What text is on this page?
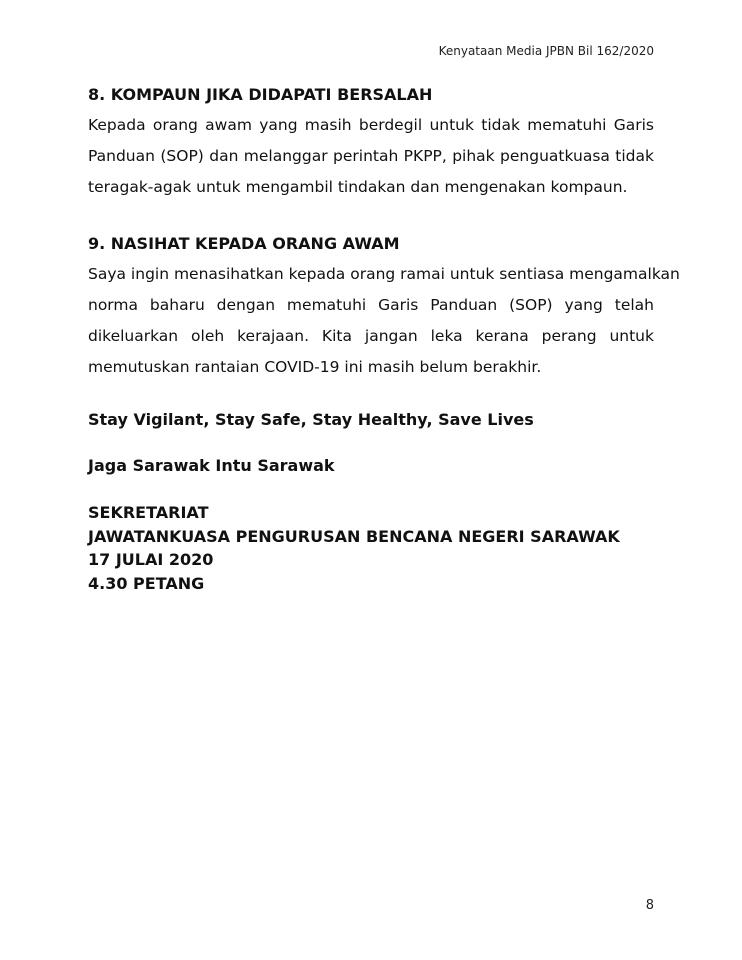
Kenyataan Media JPBN Bil 162/2020
8. KOMPAUN JIKA DIDAPATI BERSALAH
Kepada orang awam yang masih berdegil untuk tidak mematuhi Garis
Panduan (SOP) dan melanggar perintah PKPP, pihak penguatkuasa tidak
teragak-agak untuk mengambil tindakan dan mengenakan kompaun.
9. NASIHAT KEPADA ORANG AWAM
Saya ingin menasihatkan kepada orang ramai untuk sentiasa mengamalkan
norma baharu dengan mematuhi Garis Panduan (SOP) yang telah
dikeluarkan oleh kerajaan. Kita jangan leka kerana perang untuk
memutuskan rantaian COVID-19 ini masih belum berakhir.
Stay Vigilant, Stay Safe, Stay Healthy, Save Lives
Jaga Sarawak Intu Sarawak
SEKRETARIAT
JAWATANKUASA PENGURUSAN BENCANA NEGERI SARAWAK
17 JULAI 2020
4.30 PETANG
8
